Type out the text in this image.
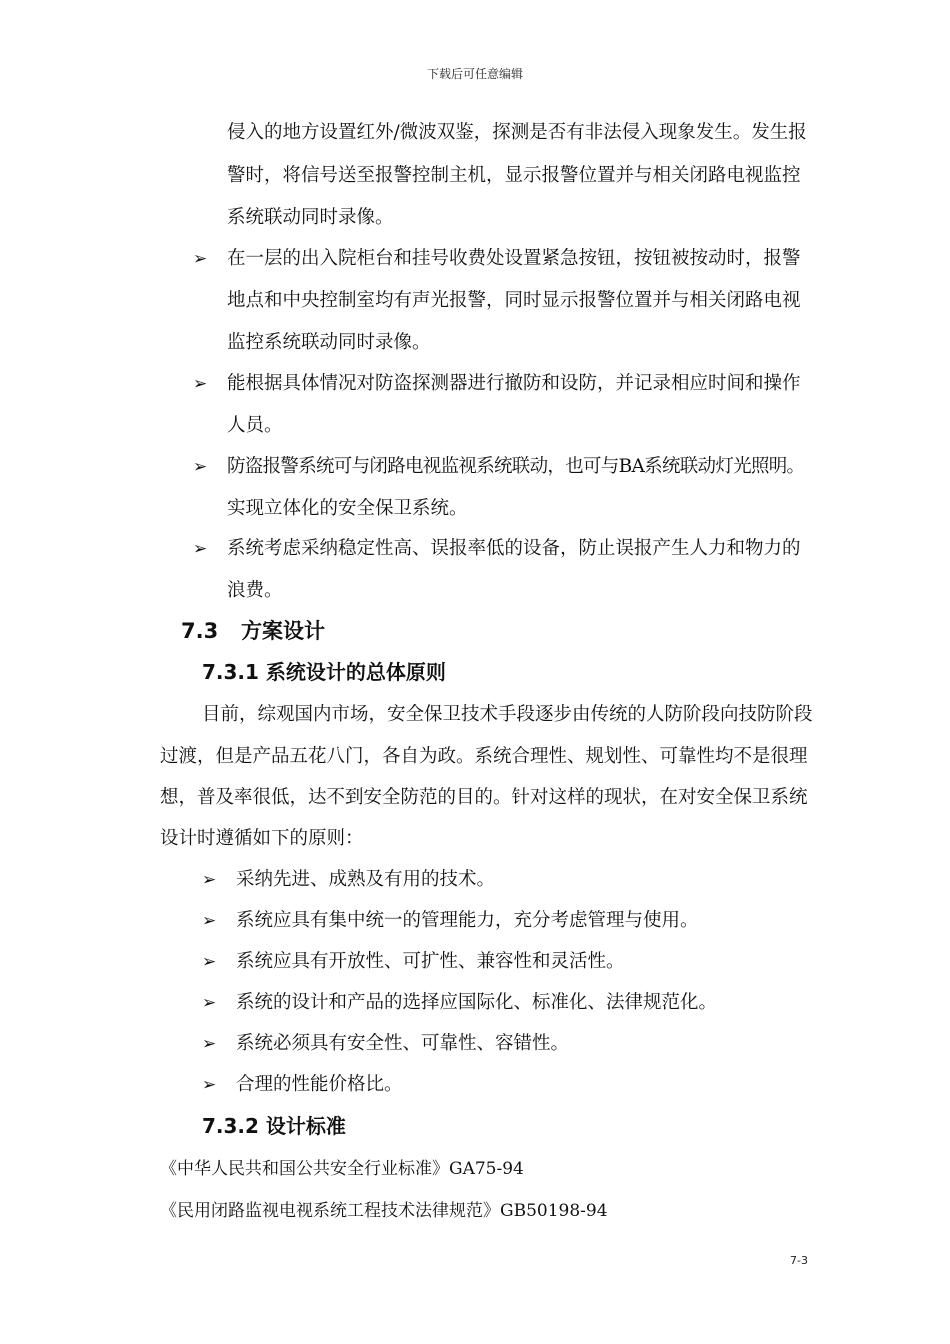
下载后可任意编辑
侵入的地方设置红外/微波双鉴，探测是否有非法侵入现象发生。发生报
警时，将信号送至报警控制主机，显示报警位置并与相关闭路电视监控
系统联动同时录像。
➢ 在一层的出入院柜台和挂号收费处设置紧急按钮，按钮被按动时，报警
地点和中央控制室均有声光报警，同时显示报警位置并与相关闭路电视
监控系统联动同时录像。
➢ 能根据具体情况对防盗探测器进行撤防和设防，并记录相应时间和操作
人员。
➢ 防盗报警系统可与闭路电视监视系统联动，也可与BA系统联动灯光照明。
实现立体化的安全保卫系统。
➢ 系统考虑采纳稳定性高、误报率低的设备，防止误报产生人力和物力的
浪费。
7.3 方案设计
7.3.1 系统设计的总体原则
目前，综观国内市场，安全保卫技术手段逐步由传统的人防阶段向技防阶段
过渡，但是产品五花八门，各自为政。系统合理性、规划性、可靠性均不是很理
想，普及率很低，达不到安全防范的目的。针对这样的现状，在对安全保卫系统
设计时遵循如下的原则：
➢ 采纳先进、成熟及有用的技术。
➢ 系统应具有集中统一的管理能力，充分考虑管理与使用。
➢ 系统应具有开放性、可扩性、兼容性和灵活性。
➢ 系统的设计和产品的选择应国际化、标准化、法律规范化。
➢ 系统必须具有安全性、可靠性、容错性。
➢ 合理的性能价格比。
7.3.2 设计标准
《中华人民共和国公共安全行业标准》GA75-94
《民用闭路监视电视系统工程技术法律规范》GB50198-94
7-3
